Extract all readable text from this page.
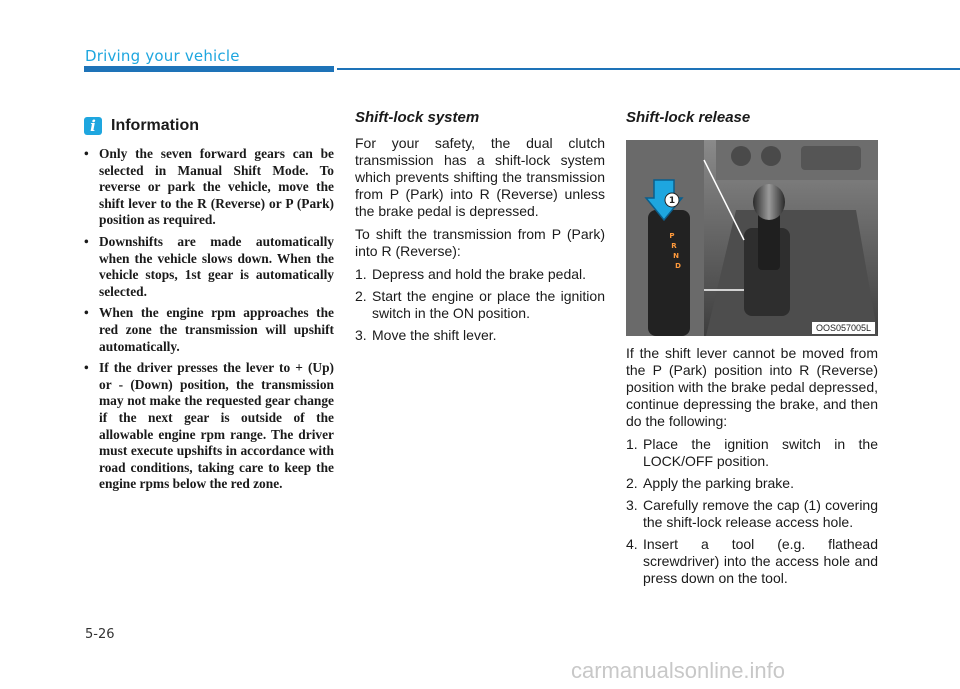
Driving your vehicle
i Information
• Only the seven forward gears can be selected in Manual Shift Mode. To reverse or park the vehicle, move the shift lever to the R (Reverse) or P (Park) position as required.
• Downshifts are made automatically when the vehicle slows down. When the vehicle stops, 1st gear is automatically selected.
• When the engine rpm approaches the red zone the transmission will upshift automatically.
• If the driver presses the lever to + (Up) or - (Down) position, the transmission may not make the requested gear change if the next gear is outside of the allowable engine rpm range. The driver must execute upshifts in accordance with road conditions, taking care to keep the engine rpms below the red zone.
Shift-lock system

For your safety, the dual clutch transmission has a shift-lock system which prevents shifting the transmission from P (Park) into R (Reverse) unless the brake pedal is depressed.

To shift the transmission from P (Park) into R (Reverse):

1. Depress and hold the brake pedal.
2. Start the engine or place the ignition switch in the ON position.
3. Move the shift lever.
Shift-lock release
P
R
N
D
1
OOS057005L

If the shift lever cannot be moved from the P (Park) position into R (Reverse) position with the brake pedal depressed, continue depressing the brake, and then do the following:

1. Place the ignition switch in the LOCK/OFF position.
2. Apply the parking brake.
3. Carefully remove the cap (1) covering the shift-lock release access hole.
4. Insert a tool (e.g. flathead screwdriver) into the access hole and press down on the tool.
5-26
carmanualsonline.info
